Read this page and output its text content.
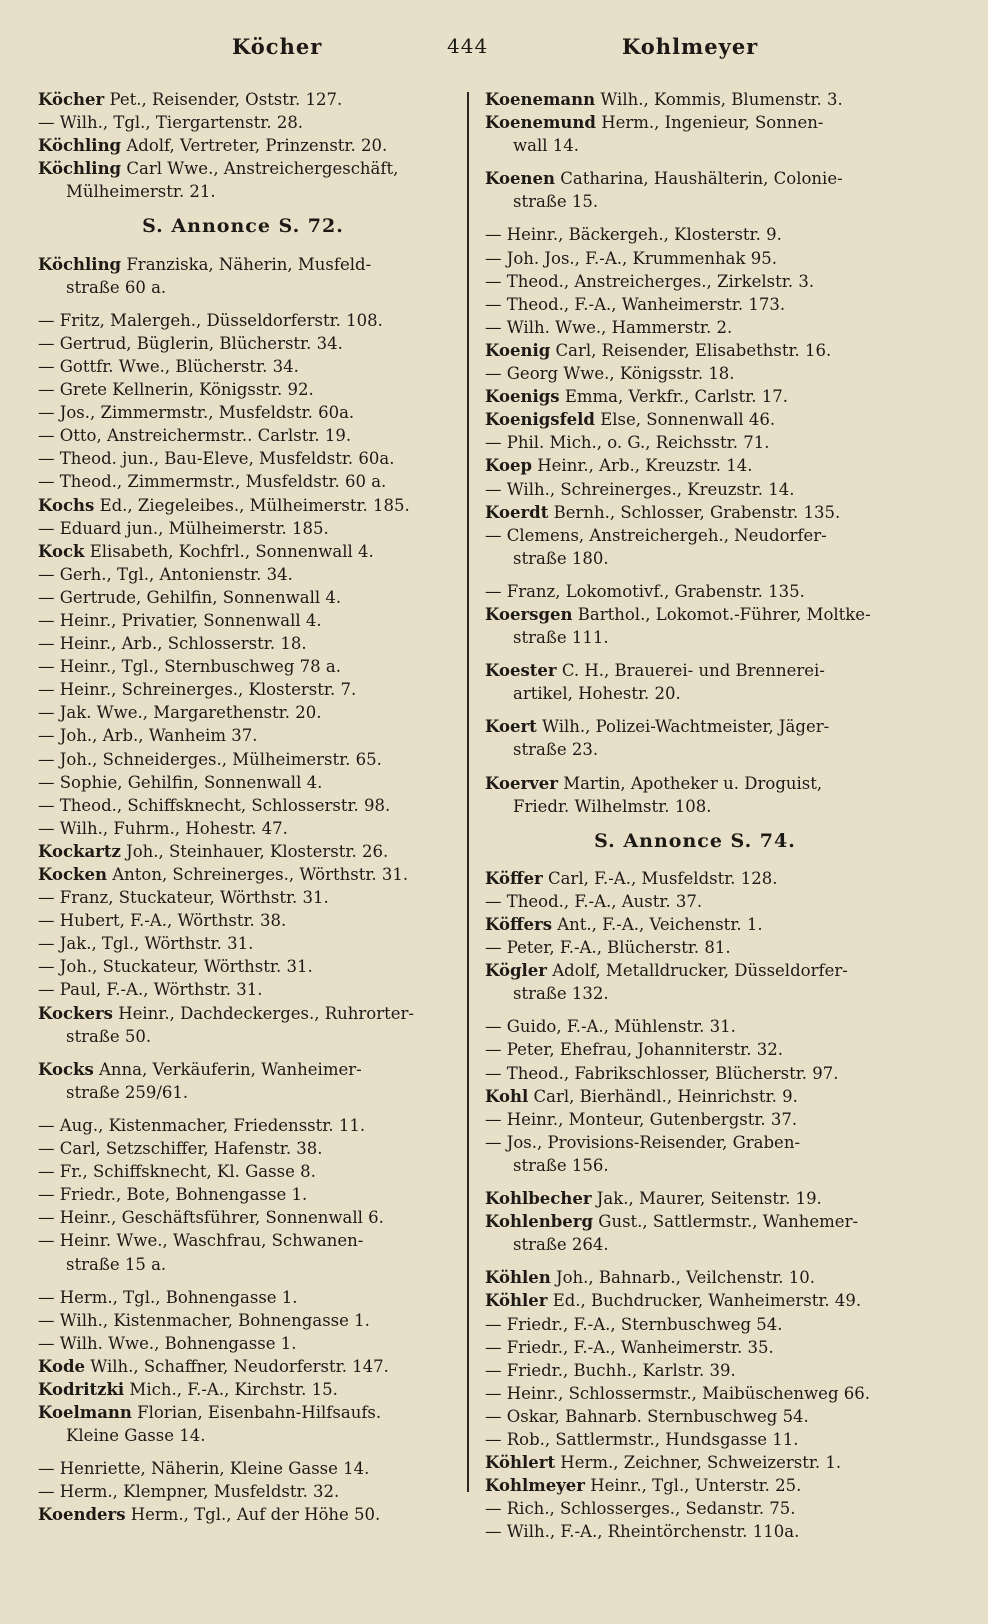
Köcher	444	Kohlmeyer
Köcher Pet., Reisender, Oststr. 127.
— Wilh., Tgl., Tiergartenstr. 28.
Köchling Adolf, Vertreter, Prinzenstr. 20.
Köchling Carl Wwe., Anstreichergeschäft,
Mülheimerstr. 21.
S. Annonce S. 72.
Köchling Franziska, Näherin, Musfeld-
straße 60 a.
— Fritz, Malergeh., Düsseldorferstr. 108.
— Gertrud, Büglerin, Blücherstr. 34.
— Gottfr. Wwe., Blücherstr. 34.
— Grete Kellnerin, Königsstr. 92.
— Jos., Zimmermstr., Musfeldstr. 60a.
— Otto, Anstreichermstr.. Carlstr. 19.
— Theod. jun., Bau-Eleve, Musfeldstr. 60a.
— Theod., Zimmermstr., Musfeldstr. 60 a.
Kochs Ed., Ziegeleibes., Mülheimerstr. 185.
— Eduard jun., Mülheimerstr. 185.
Kock Elisabeth, Kochfrl., Sonnenwall 4.
— Gerh., Tgl., Antonienstr. 34.
— Gertrude, Gehilfin, Sonnenwall 4.
— Heinr., Privatier, Sonnenwall 4.
— Heinr., Arb., Schlosserstr. 18.
— Heinr., Tgl., Sternbuschweg 78 a.
— Heinr., Schreinerges., Klosterstr. 7.
— Jak. Wwe., Margarethenstr. 20.
— Joh., Arb., Wanheim 37.
— Joh., Schneiderges., Mülheimerstr. 65.
— Sophie, Gehilfin, Sonnenwall 4.
— Theod., Schiffsknecht, Schlosserstr. 98.
— Wilh., Fuhrm., Hohestr. 47.
Kockartz Joh., Steinhauer, Klosterstr. 26.
Kocken Anton, Schreinerges., Wörthstr. 31.
— Franz, Stuckateur, Wörthstr. 31.
— Hubert, F.-A., Wörthstr. 38.
— Jak., Tgl., Wörthstr. 31.
— Joh., Stuckateur, Wörthstr. 31.
— Paul, F.-A., Wörthstr. 31.
Kockers Heinr., Dachdeckerges., Ruhrorter-
straße 50.
Kocks Anna, Verkäuferin, Wanheimer-
straße 259/61.
— Aug., Kistenmacher, Friedensstr. 11.
— Carl, Setzschiffer, Hafenstr. 38.
— Fr., Schiffsknecht, Kl. Gasse 8.
— Friedr., Bote, Bohnengasse 1.
— Heinr., Geschäftsführer, Sonnenwall 6.
— Heinr. Wwe., Waschfrau, Schwanen-
straße 15 a.
— Herm., Tgl., Bohnengasse 1.
— Wilh., Kistenmacher, Bohnengasse 1.
— Wilh. Wwe., Bohnengasse 1.
Kode Wilh., Schaffner, Neudorferstr. 147.
Kodritzki Mich., F.-A., Kirchstr. 15.
Koelmann Florian, Eisenbahn-Hilfsaufs.
Kleine Gasse 14.
— Henriette, Näherin, Kleine Gasse 14.
— Herm., Klempner, Musfeldstr. 32.
Koenders Herm., Tgl., Auf der Höhe 50.
Koenemann Wilh., Kommis, Blumenstr. 3.
Koenemund Herm., Ingenieur, Sonnen-
wall 14.
Koenen Catharina, Haushälterin, Colonie-
straße 15.
— Heinr., Bäckergeh., Klosterstr. 9.
— Joh. Jos., F.-A., Krummenhak 95.
— Theod., Anstreicherges., Zirkelstr. 3.
— Theod., F.-A., Wanheimerstr. 173.
— Wilh. Wwe., Hammerstr. 2.
Koenig Carl, Reisender, Elisabethstr. 16.
— Georg Wwe., Königsstr. 18.
Koenigs Emma, Verkfr., Carlstr. 17.
Koenigsfeld Else, Sonnenwall 46.
— Phil. Mich., o. G., Reichsstr. 71.
Koep Heinr., Arb., Kreuzstr. 14.
— Wilh., Schreinerges., Kreuzstr. 14.
Koerdt Bernh., Schlosser, Grabenstr. 135.
— Clemens, Anstreichergeh., Neudorfer-
straße 180.
— Franz, Lokomotivf., Grabenstr. 135.
Koersgen Barthol., Lokomot.-Führer, Moltke-
straße 111.
Koester C. H., Brauerei- und Brennerei-
artikel, Hohestr. 20.
Koert Wilh., Polizei-Wachtmeister, Jäger-
straße 23.
Koerver Martin, Apotheker u. Droguist,
Friedr. Wilhelmstr. 108.
S. Annonce S. 74.
Köffer Carl, F.-A., Musfeldstr. 128.
— Theod., F.-A., Austr. 37.
Köffers Ant., F.-A., Veichenstr. 1.
— Peter, F.-A., Blücherstr. 81.
Kögler Adolf, Metalldrucker, Düsseldorfer-
straße 132.
— Guido, F.-A., Mühlenstr. 31.
— Peter, Ehefrau, Johanniterstr. 32.
— Theod., Fabrikschlosser, Blücherstr. 97.
Kohl Carl, Bierhändl., Heinrichstr. 9.
— Heinr., Monteur, Gutenbergstr. 37.
— Jos., Provisions-Reisender, Graben-
straße 156.
Kohlbecher Jak., Maurer, Seitenstr. 19.
Kohlenberg Gust., Sattlermstr., Wanhemer-
straße 264.
Köhlen Joh., Bahnarb., Veilchenstr. 10.
Köhler Ed., Buchdrucker, Wanheimerstr. 49.
— Friedr., F.-A., Sternbuschweg 54.
— Friedr., F.-A., Wanheimerstr. 35.
— Friedr., Buchh., Karlstr. 39.
— Heinr., Schlossermstr., Maibüschenweg 66.
— Oskar, Bahnarb. Sternbuschweg 54.
— Rob., Sattlermstr., Hundsgasse 11.
Köhlert Herm., Zeichner, Schweizerstr. 1.
Kohlmeyer Heinr., Tgl., Unterstr. 25.
— Rich., Schlosserges., Sedanstr. 75.
— Wilh., F.-A., Rheintörchenstr. 110a.
